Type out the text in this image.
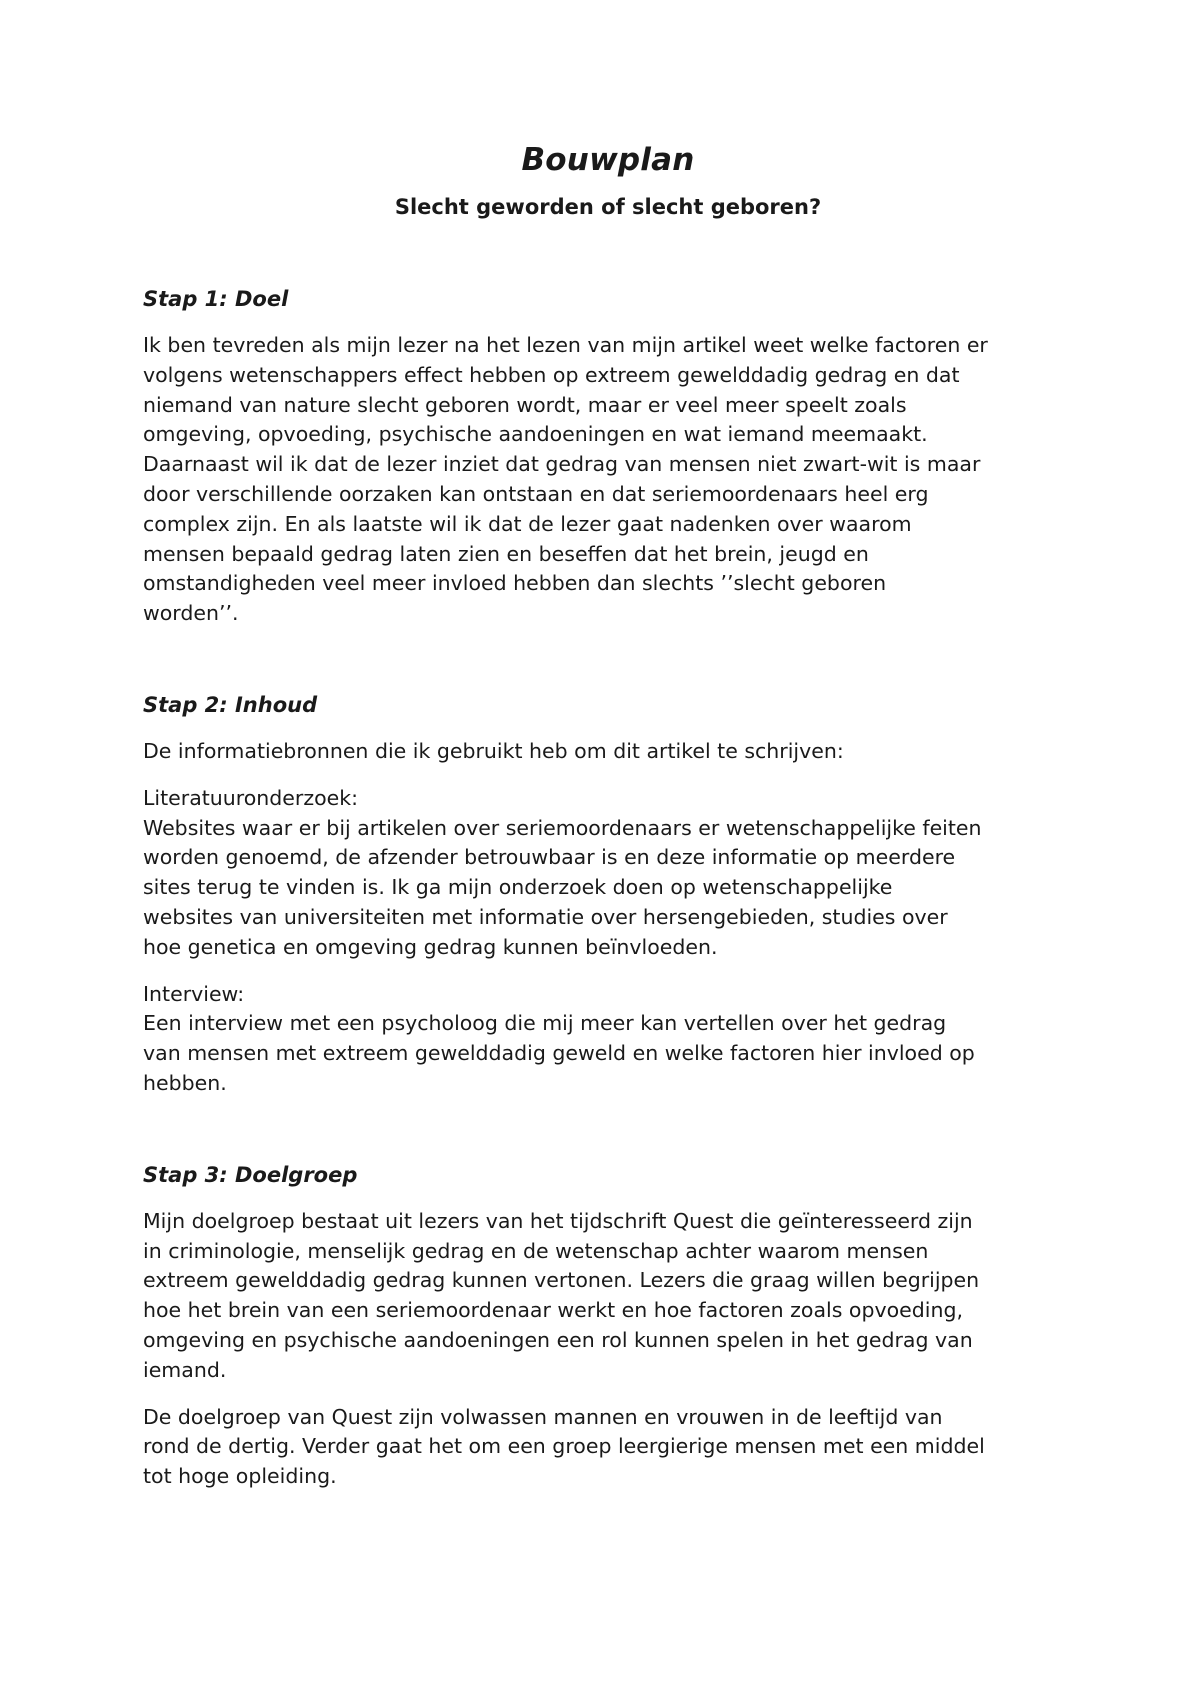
Bouwplan
Slecht geworden of slecht geboren?
Stap 1: Doel

Ik ben tevreden als mijn lezer na het lezen van mijn artikel weet welke factoren er
volgens wetenschappers effect hebben op extreem gewelddadig gedrag en dat
niemand van nature slecht geboren wordt, maar er veel meer speelt zoals
omgeving, opvoeding, psychische aandoeningen en wat iemand meemaakt.
Daarnaast wil ik dat de lezer inziet dat gedrag van mensen niet zwart-wit is maar
door verschillende oorzaken kan ontstaan en dat seriemoordenaars heel erg
complex zijn. En als laatste wil ik dat de lezer gaat nadenken over waarom
mensen bepaald gedrag laten zien en beseffen dat het brein, jeugd en
omstandigheden veel meer invloed hebben dan slechts ’’slecht geboren
worden’’.

Stap 2: Inhoud

De informatiebronnen die ik gebruikt heb om dit artikel te schrijven:

Literatuuronderzoek:
Websites waar er bij artikelen over seriemoordenaars er wetenschappelijke feiten
worden genoemd, de afzender betrouwbaar is en deze informatie op meerdere
sites terug te vinden is. Ik ga mijn onderzoek doen op wetenschappelijke
websites van universiteiten met informatie over hersengebieden, studies over
hoe genetica en omgeving gedrag kunnen beïnvloeden.

Interview:
Een interview met een psycholoog die mij meer kan vertellen over het gedrag
van mensen met extreem gewelddadig geweld en welke factoren hier invloed op
hebben.

Stap 3: Doelgroep

Mijn doelgroep bestaat uit lezers van het tijdschrift Quest die geïnteresseerd zijn
in criminologie, menselijk gedrag en de wetenschap achter waarom mensen
extreem gewelddadig gedrag kunnen vertonen. Lezers die graag willen begrijpen
hoe het brein van een seriemoordenaar werkt en hoe factoren zoals opvoeding,
omgeving en psychische aandoeningen een rol kunnen spelen in het gedrag van
iemand.

De doelgroep van Quest zijn volwassen mannen en vrouwen in de leeftijd van
rond de dertig. Verder gaat het om een groep leergierige mensen met een middel
tot hoge opleiding.
